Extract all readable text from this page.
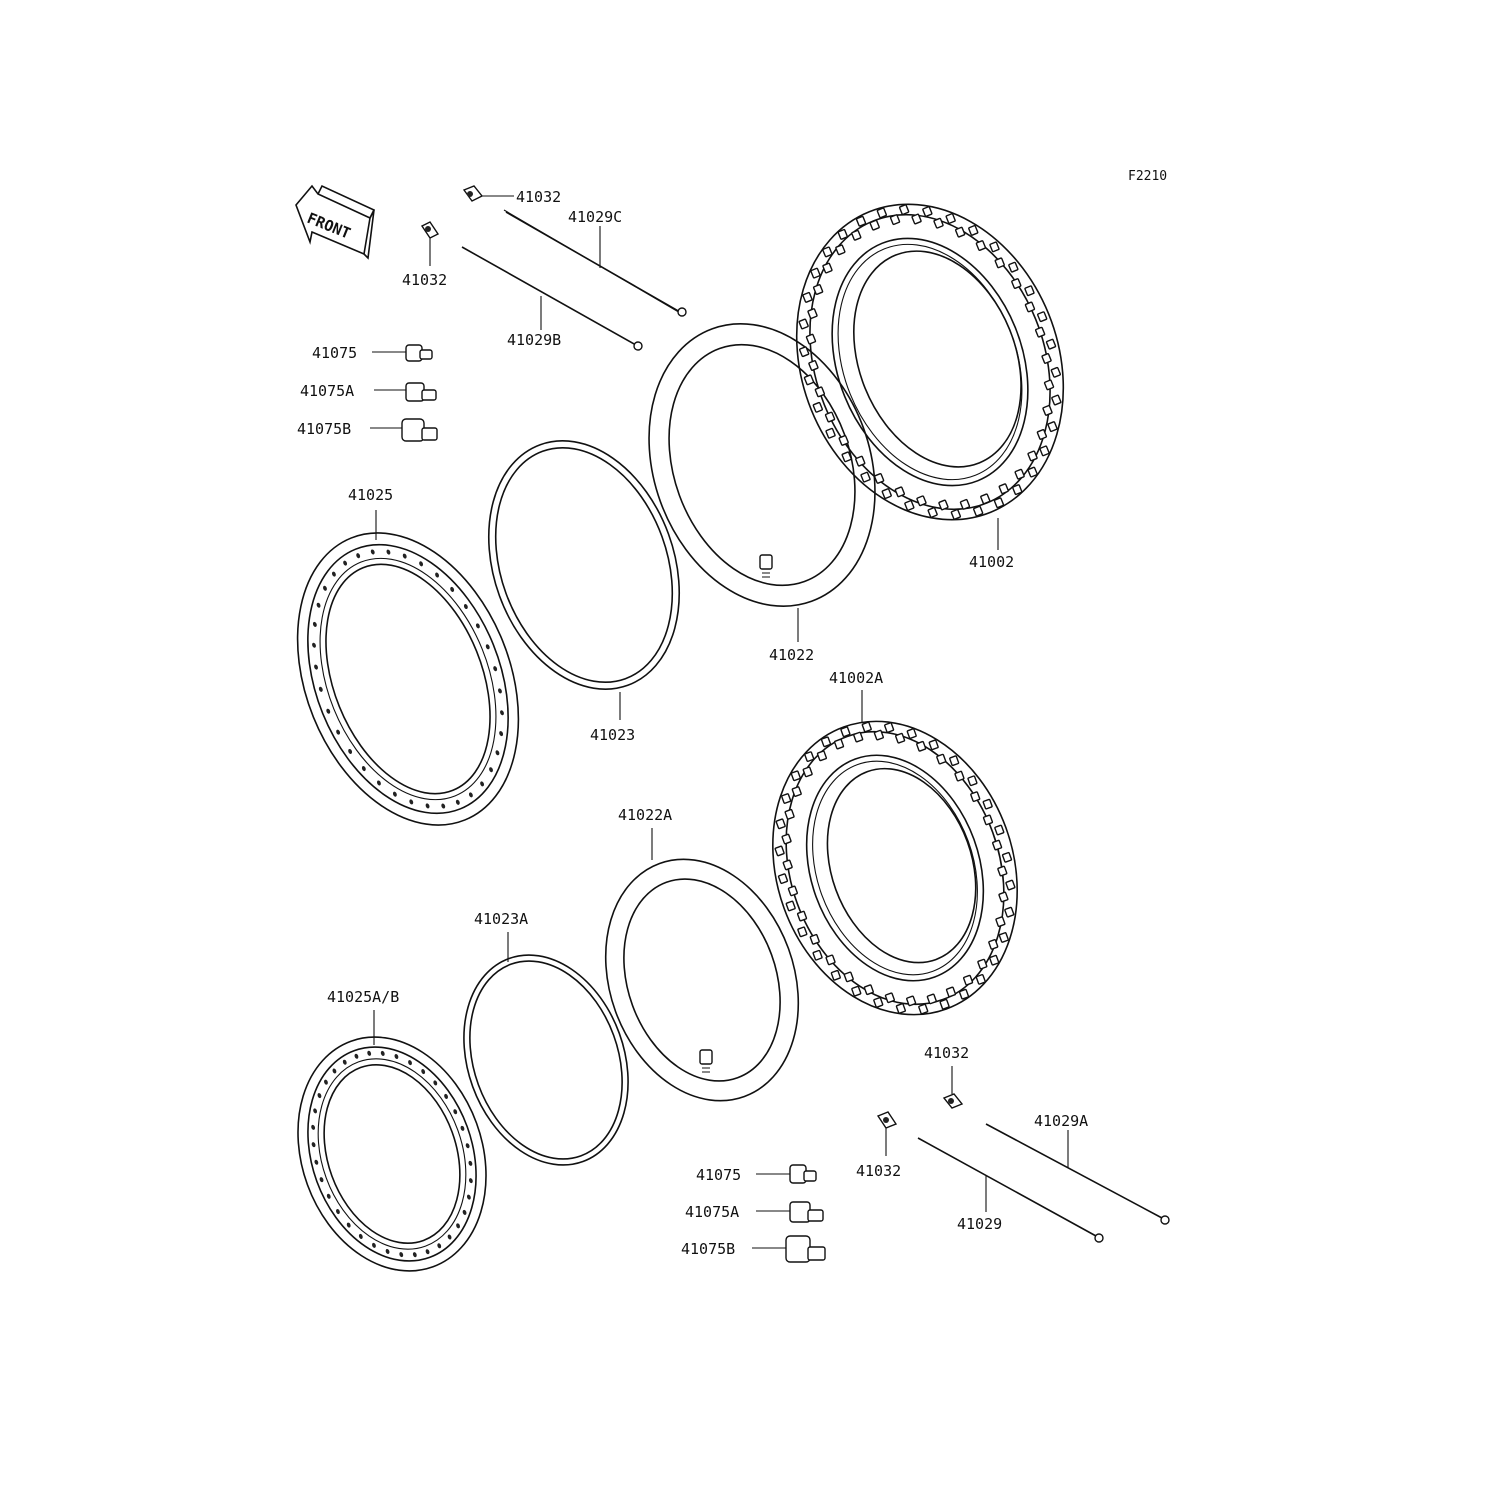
F2210
FRONT
41032
41029C
41032
41029B
41075
41075A
41075B
41025
41023
41022
41002
41002A
41022A
41023A
41025A/B
41032
41032
41029A
41029
41075
41075A
41075B
